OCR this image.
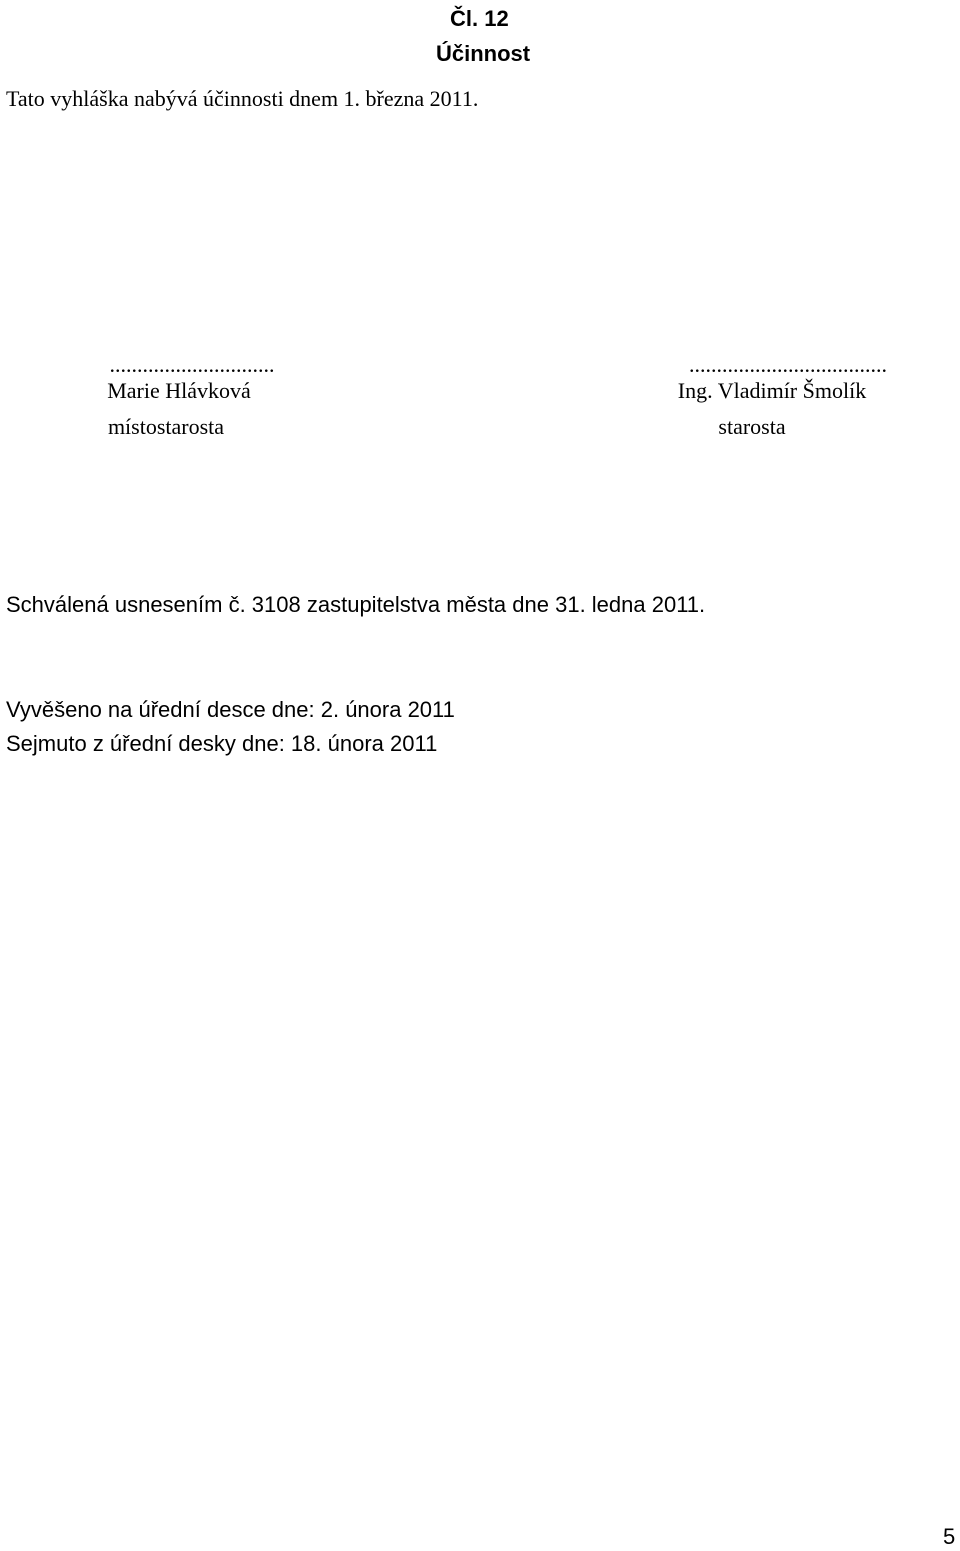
Čl. 12
Účinnost
Tato vyhláška nabývá účinnosti dnem 1. března 2011.
..............................
Marie Hlávková
místostarosta
....................................
Ing. Vladimír Šmolík
starosta
Schválená usnesením č. 3108 zastupitelstva města dne 31. ledna 2011.
Vyvěšeno na úřední desce dne: 2. února 2011
Sejmuto z úřední desky dne: 18. února 2011
5
